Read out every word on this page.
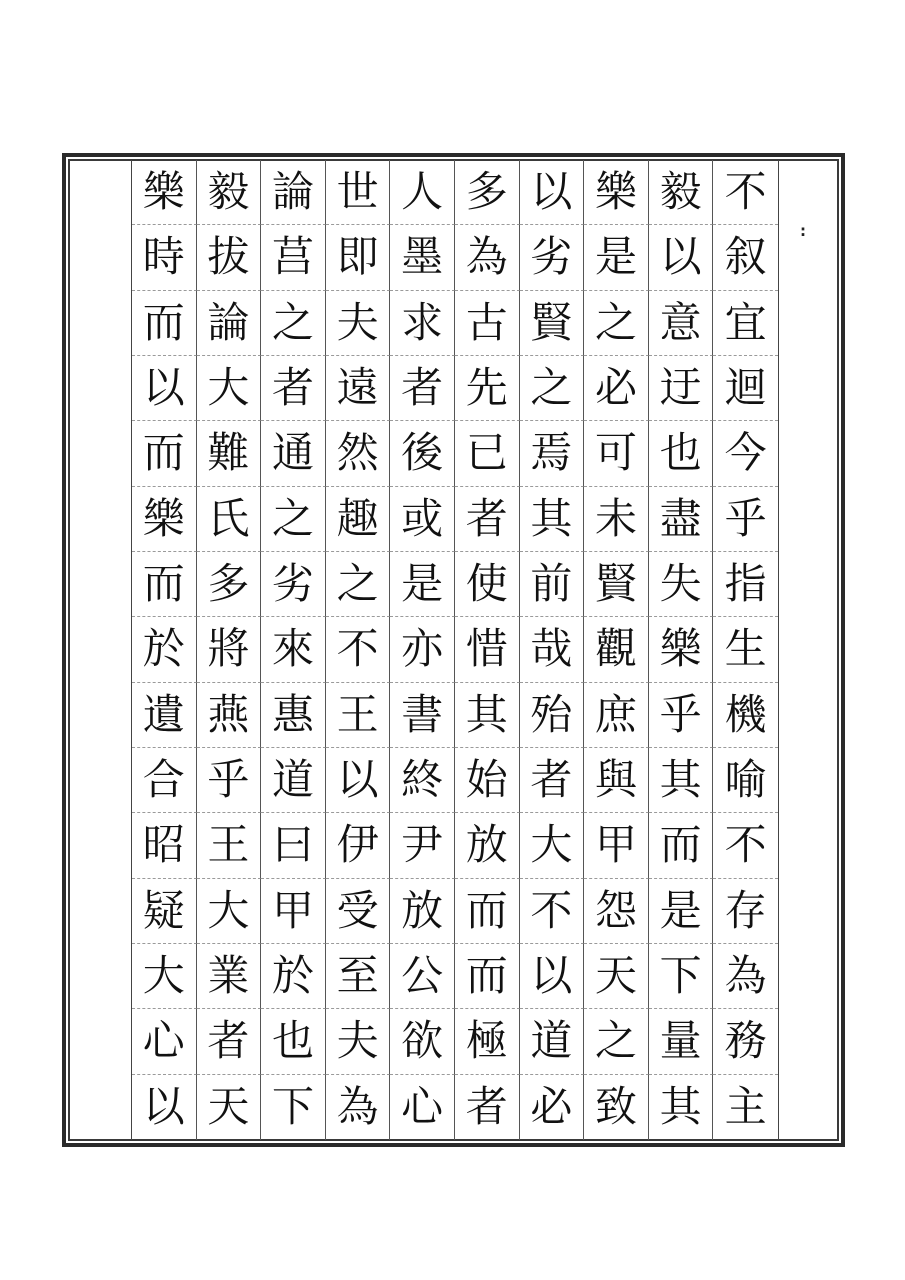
樂 毅 論 世 人 多 以 樂 毅 不
時 拔 莒 即 墨 為 劣 是 以 叙
而 論 之 夫 求 古 賢 之 意 宜
以 大 者 遠 者 先 之 必 迂 迴
而 難 通 然 後 已 焉 可 也 今
樂 氏 之 趣 或 者 其 未 盡 乎
而 多 劣 之 是 使 前 賢 失 指
於 將 來 不 亦 惜 哉 觀 樂 生
遺 燕 惠 王 書 其 殆 庶 乎 機
合 乎 道 以 終 始 者 與 其 喻
昭 王 曰 伊 尹 放 大 甲 而 不
疑 大 甲 受 放 而 不 怨 是 存
大 業 於 至 公 而 以 天 下 為
心 者 也 夫 欲 極 道 之 量 務
以 天 下 為 心 者 必 致 其 主
:
